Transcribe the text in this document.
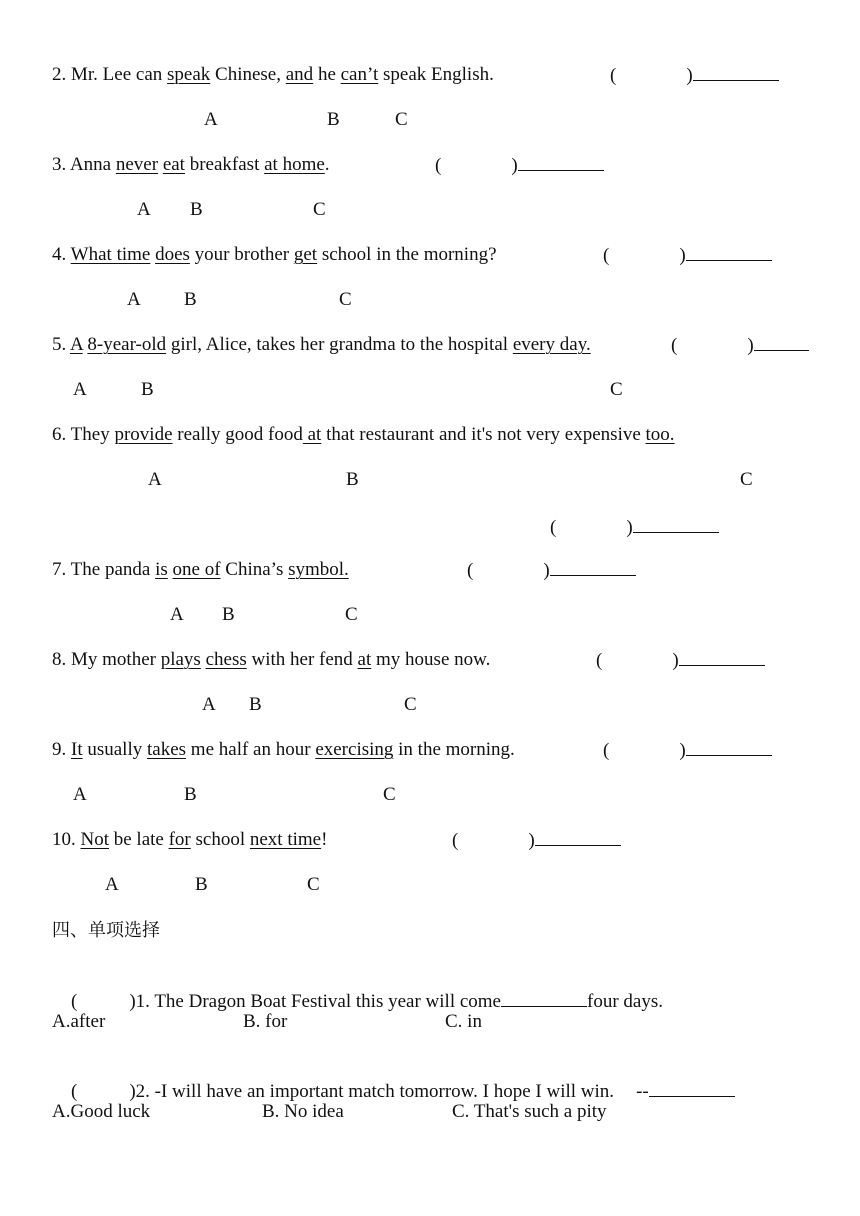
2. Mr. Lee can speak Chinese, and he can’t speak English.	(	)
A	B	C
3. Anna never eat breakfast at home.	(	)
A B	C
4. What time does your brother get school in the morning?	(	)
A B	C
5. A 8-year-old girl, Alice, takes her grandma to the hospital every day.	(	)
A	B	C
6. They provide really good food at that restaurant and it's not very expensive too.
(	)
A	B	C
7. The panda is one of China’s symbol.	(	)
A B	C
8. My mother plays chess with her fend at my house now.	(	)
A B	C
9. It usually takes me half an hour exercising in the morning.	(	)
A	B	C
10. Not be late for school next time!	(	)
A	B	C
四、单项选择

(	)1. The Dragon Boat Festival this year will come	four days.

A.after	B. for	C. in

(	)2. -I will have an important match tomorrow. I hope I will win. --

A.Good luck	B. No idea	C. That's such a pity
